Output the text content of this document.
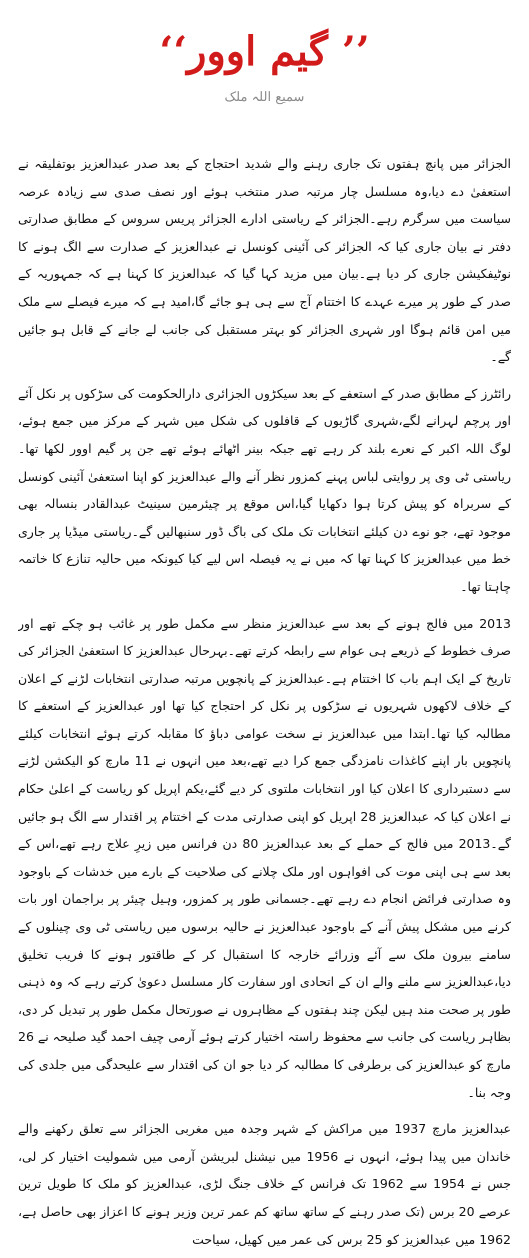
’’ گیم اوور‘‘

سمیع اللہ ملک

الجزائر میں پانچ ہفتوں تک جاری رہنے والے شدید احتجاج کے بعد صدر عبدالعزیز بوتفلیقہ نے استعفیٰ دے دیا،وہ مسلسل چار مرتبہ صدر منتخب ہوئے اور نصف صدی سے زیادہ عرصہ سیاست میں سرگرم رہے۔الجزائر کے ریاستی ادارے الجزائر پریس سروس کے مطابق صدارتی دفتر نے بیان جاری کیا کہ الجزائر کی آئینی کونسل نے عبدالعزیز کے صدارت سے الگ ہونے کا نوٹیفکیشن جاری کر دیا ہے۔بیان میں مزید کہا گیا کہ عبدالعزیز کا کہنا ہے کہ جمہوریہ کے صدر کے طور پر میرے عہدے کا اختتام آج سے ہی ہو جائے گا،امید ہے کہ میرے فیصلے سے ملک میں امن قائم ہوگا اور شہری الجزائر کو بہتر مستقبل کی جانب لے جانے کے قابل ہو جائیں گے۔

رائٹرز کے مطابق صدر کے استعفے کے بعد سیکڑوں الجزائری دارالحکومت کی سڑکوں پر نکل آئے اور پرچم لہرانے لگے،شہری گاڑیوں کے قافلوں کی شکل میں شہر کے مرکز میں جمع ہوئے، لوگ اللہ اکبر کے نعرے بلند کر رہے تھے جبکہ بینر اٹھائے ہوئے تھے جن پر گیم اوور لکھا تھا۔ریاستی ٹی وی پر روایتی لباس پہنے کمزور نظر آنے والے عبدالعزیز کو اپنا استعفیٰ آئینی کونسل کے سربراہ کو پیش کرتا ہوا دکھایا گیا،اس موقع پر چیئرمین سینیٹ عبدالقادر بنسالہ بھی موجود تھے، جو نوے دن کیلئے انتخابات تک ملک کی باگ ڈور سنبھالیں گے۔ریاستی میڈیا پر جاری خط میں عبدالعزیز کا کہنا تھا کہ میں نے یہ فیصلہ اس لیے کیا کیونکہ میں حالیہ تنازع کا خاتمہ چاہتا تھا۔

2013 میں فالج ہونے کے بعد سے عبدالعزیز منظر سے مکمل طور پر غائب ہو چکے تھے اور صرف خطوط کے ذریعے ہی عوام سے رابطہ کرتے تھے۔بہرحال عبدالعزیز کا استعفیٰ الجزائر کی تاریخ کے ایک اہم باب کا اختتام ہے۔عبدالعزیز کے پانچویں مرتبہ صدارتی انتخابات لڑنے کے اعلان کے خلاف لاکھوں شہریوں نے سڑکوں پر نکل کر احتجاج کیا تھا اور عبدالعزیز کے استعفے کا مطالبہ کیا تھا۔ابتدا میں عبدالعزیز نے سخت عوامی دباؤ کا مقابلہ کرتے ہوئے انتخابات کیلئے پانچویں بار اپنے کاغذات نامزدگی جمع کرا دیے تھے،بعد میں انہوں نے 11 مارچ کو الیکشن لڑنے سے دستبرداری کا اعلان کیا اور انتخابات ملتوی کر دیے گئے،یکم اپریل کو ریاست کے اعلیٰ حکام نے اعلان کیا کہ عبدالعزیز 28 اپریل کو اپنی صدارتی مدت کے اختتام پر اقتدار سے الگ ہو جائیں گے۔2013 میں فالج کے حملے کے بعد عبدالعزیز 80 دن فرانس میں زیرِ علاج رہے تھے،اس کے بعد سے ہی اپنی موت کی افواہوں اور ملک چلانے کی صلاحیت کے بارے میں خدشات کے باوجود وہ صدارتی فرائض انجام دے رہے تھے۔جسمانی طور پر کمزور، وہیل چیئر پر براجمان اور بات کرنے میں مشکل پیش آنے کے باوجود عبدالعزیز نے حالیہ برسوں میں ریاستی ٹی وی چینلوں کے سامنے بیرون ملک سے آئے وزرائے خارجہ کا استقبال کر کے طاقتور ہونے کا فریب تخلیق دیا،عبدالعزیز سے ملنے والے ان کے اتحادی اور سفارت کار مسلسل دعویٰ کرتے رہے کہ وہ ذہنی طور پر صحت مند ہیں لیکن چند ہفتوں کے مظاہروں نے صورتحال مکمل طور پر تبدیل کر دی، بظاہر ریاست کی جانب سے محفوظ راستہ اختیار کرتے ہوئے آرمی چیف احمد گید صلیحہ نے 26 مارچ کو عبدالعزیز کی برطرفی کا مطالبہ کر دیا جو ان کی اقتدار سے علیحدگی میں جلدی کی وجہ بنا۔

عبدالعزیز مارچ 1937 میں مراکش کے شہر وجدہ میں مغربی الجزائر سے تعلق رکھنے والے خاندان میں پیدا ہوئے، انہوں نے 1956 میں نیشنل لبریشن آرمی میں شمولیت اختیار کر لی، جس نے 1954 سے 1962 تک فرانس کے خلاف جنگ لڑی، عبدالعزیز کو ملک کا طویل ترین عرصے 20 برس (تک صدر رہنے کے ساتھ ساتھ کم عمر ترین وزیر ہونے کا اعزاز بھی حاصل ہے، 1962 میں عبدالعزیز کو 25 برس کی عمر میں کھیل، سیاحت
